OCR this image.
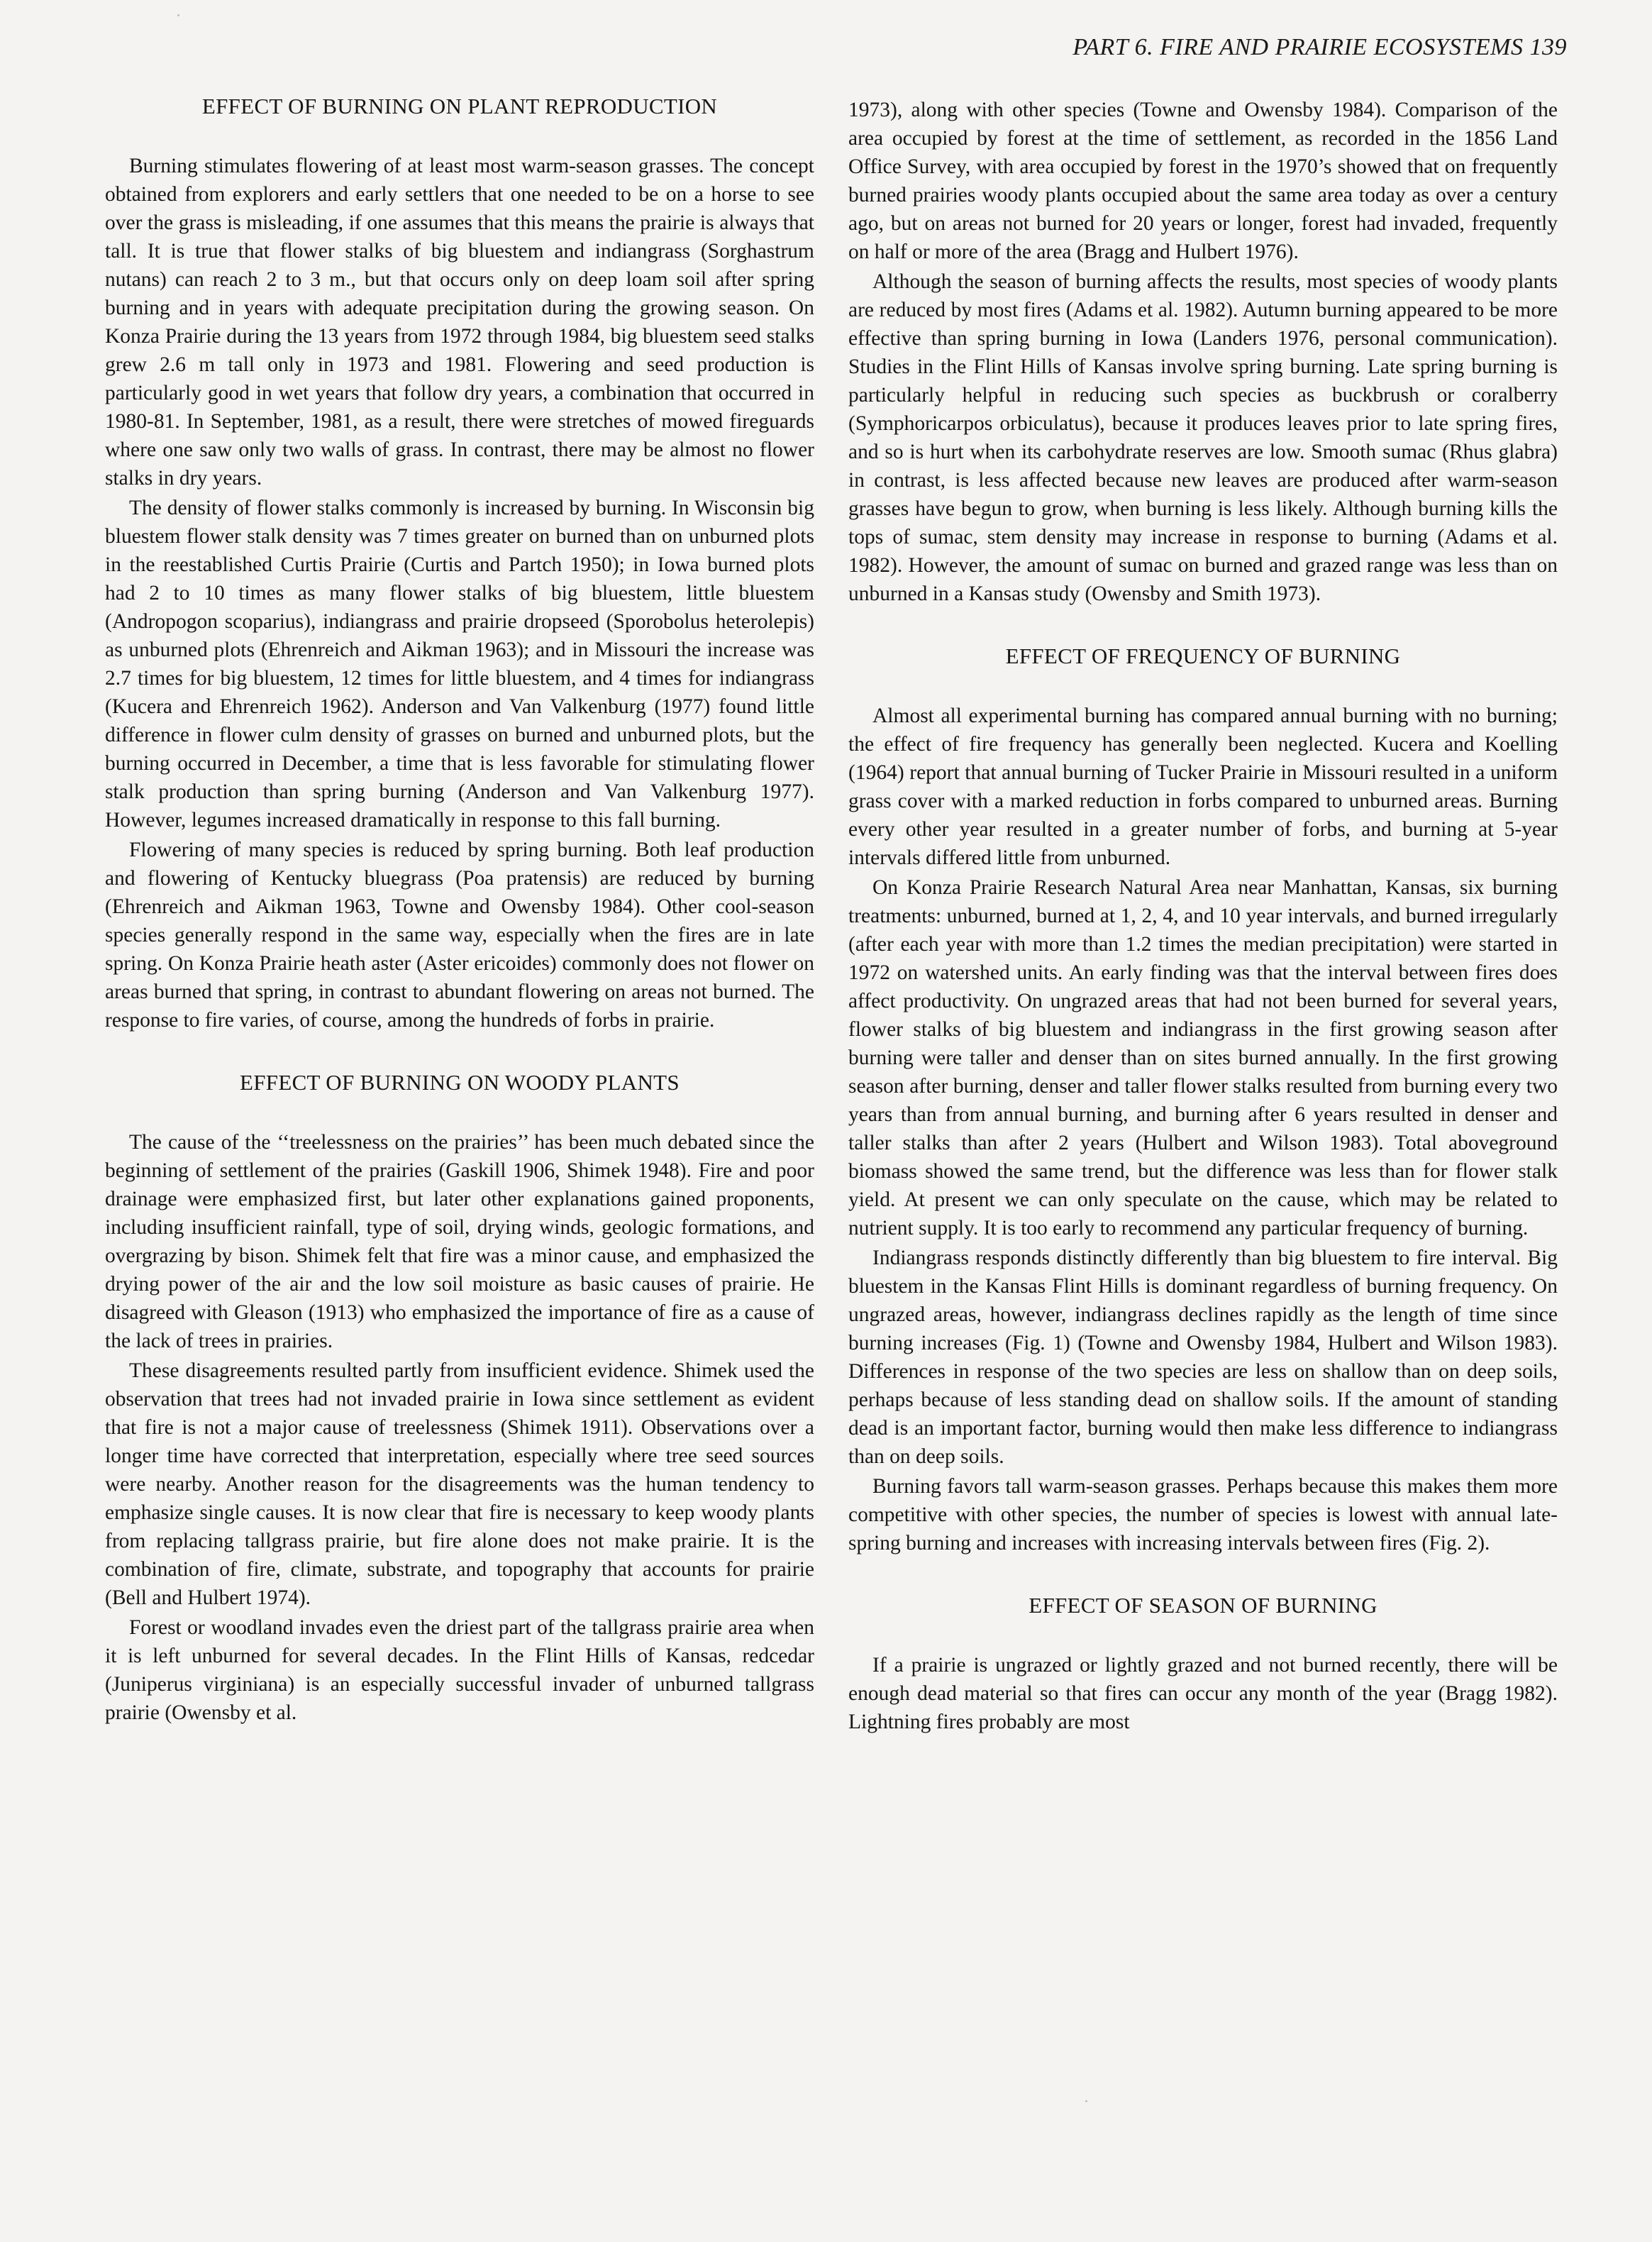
PART 6. FIRE AND PRAIRIE ECOSYSTEMS 139
EFFECT OF BURNING ON PLANT REPRODUCTION

Burning stimulates flowering of at least most warm-season grasses. The concept obtained from explorers and early settlers that one needed to be on a horse to see over the grass is misleading, if one assumes that this means the prairie is always that tall. It is true that flower stalks of big bluestem and indiangrass (Sorghastrum nutans) can reach 2 to 3 m., but that occurs only on deep loam soil after spring burning and in years with adequate precipitation during the growing season. On Konza Prairie during the 13 years from 1972 through 1984, big bluestem seed stalks grew 2.6 m tall only in 1973 and 1981. Flowering and seed production is particularly good in wet years that follow dry years, a combination that occurred in 1980-81. In September, 1981, as a result, there were stretches of mowed fireguards where one saw only two walls of grass. In contrast, there may be almost no flower stalks in dry years.

The density of flower stalks commonly is increased by burning. In Wisconsin big bluestem flower stalk density was 7 times greater on burned than on unburned plots in the reestablished Curtis Prairie (Curtis and Partch 1950); in Iowa burned plots had 2 to 10 times as many flower stalks of big bluestem, little bluestem (Andropogon scoparius), indiangrass and prairie dropseed (Sporobolus heterolepis) as unburned plots (Ehrenreich and Aikman 1963); and in Missouri the increase was 2.7 times for big bluestem, 12 times for little bluestem, and 4 times for indiangrass (Kucera and Ehrenreich 1962). Anderson and Van Valkenburg (1977) found little difference in flower culm density of grasses on burned and unburned plots, but the burning occurred in December, a time that is less favorable for stimulating flower stalk production than spring burning (Anderson and Van Valkenburg 1977). However, legumes increased dramatically in response to this fall burning.

Flowering of many species is reduced by spring burning. Both leaf production and flowering of Kentucky bluegrass (Poa pratensis) are reduced by burning (Ehrenreich and Aikman 1963, Towne and Owensby 1984). Other cool-season species generally respond in the same way, especially when the fires are in late spring. On Konza Prairie heath aster (Aster ericoides) commonly does not flower on areas burned that spring, in contrast to abundant flowering on areas not burned. The response to fire varies, of course, among the hundreds of forbs in prairie.

EFFECT OF BURNING ON WOODY PLANTS

The cause of the ‘‘treelessness on the prairies’’ has been much debated since the beginning of settlement of the prairies (Gaskill 1906, Shimek 1948). Fire and poor drainage were emphasized first, but later other explanations gained proponents, including insufficient rainfall, type of soil, drying winds, geologic formations, and overgrazing by bison. Shimek felt that fire was a minor cause, and emphasized the drying power of the air and the low soil moisture as basic causes of prairie. He disagreed with Gleason (1913) who emphasized the importance of fire as a cause of the lack of trees in prairies.

These disagreements resulted partly from insufficient evidence. Shimek used the observation that trees had not invaded prairie in Iowa since settlement as evident that fire is not a major cause of treelessness (Shimek 1911). Observations over a longer time have corrected that interpretation, especially where tree seed sources were nearby. Another reason for the disagreements was the human tendency to emphasize single causes. It is now clear that fire is necessary to keep woody plants from replacing tallgrass prairie, but fire alone does not make prairie. It is the combination of fire, climate, substrate, and topography that accounts for prairie (Bell and Hulbert 1974).

Forest or woodland invades even the driest part of the tallgrass prairie area when it is left unburned for several decades. In the Flint Hills of Kansas, redcedar (Juniperus virginiana) is an especially successful invader of unburned tallgrass prairie (Owensby et al.

1973), along with other species (Towne and Owensby 1984). Comparison of the area occupied by forest at the time of settlement, as recorded in the 1856 Land Office Survey, with area occupied by forest in the 1970’s showed that on frequently burned prairies woody plants occupied about the same area today as over a century ago, but on areas not burned for 20 years or longer, forest had invaded, frequently on half or more of the area (Bragg and Hulbert 1976).

Although the season of burning affects the results, most species of woody plants are reduced by most fires (Adams et al. 1982). Autumn burning appeared to be more effective than spring burning in Iowa (Landers 1976, personal communication). Studies in the Flint Hills of Kansas involve spring burning. Late spring burning is particularly helpful in reducing such species as buckbrush or coralberry (Symphoricarpos orbiculatus), because it produces leaves prior to late spring fires, and so is hurt when its carbohydrate reserves are low. Smooth sumac (Rhus glabra) in contrast, is less affected because new leaves are produced after warm-season grasses have begun to grow, when burning is less likely. Although burning kills the tops of sumac, stem density may increase in response to burning (Adams et al. 1982). However, the amount of sumac on burned and grazed range was less than on unburned in a Kansas study (Owensby and Smith 1973).

EFFECT OF FREQUENCY OF BURNING

Almost all experimental burning has compared annual burning with no burning; the effect of fire frequency has generally been neglected. Kucera and Koelling (1964) report that annual burning of Tucker Prairie in Missouri resulted in a uniform grass cover with a marked reduction in forbs compared to unburned areas. Burning every other year resulted in a greater number of forbs, and burning at 5-year intervals differed little from unburned.

On Konza Prairie Research Natural Area near Manhattan, Kansas, six burning treatments: unburned, burned at 1, 2, 4, and 10 year intervals, and burned irregularly (after each year with more than 1.2 times the median precipitation) were started in 1972 on watershed units. An early finding was that the interval between fires does affect productivity. On ungrazed areas that had not been burned for several years, flower stalks of big bluestem and indiangrass in the first growing season after burning were taller and denser than on sites burned annually. In the first growing season after burning, denser and taller flower stalks resulted from burning every two years than from annual burning, and burning after 6 years resulted in denser and taller stalks than after 2 years (Hulbert and Wilson 1983). Total aboveground biomass showed the same trend, but the difference was less than for flower stalk yield. At present we can only speculate on the cause, which may be related to nutrient supply. It is too early to recommend any particular frequency of burning.

Indiangrass responds distinctly differently than big bluestem to fire interval. Big bluestem in the Kansas Flint Hills is dominant regardless of burning frequency. On ungrazed areas, however, indiangrass declines rapidly as the length of time since burning increases (Fig. 1) (Towne and Owensby 1984, Hulbert and Wilson 1983). Differences in response of the two species are less on shallow than on deep soils, perhaps because of less standing dead on shallow soils. If the amount of standing dead is an important factor, burning would then make less difference to indiangrass than on deep soils.

Burning favors tall warm-season grasses. Perhaps because this makes them more competitive with other species, the number of species is lowest with annual late-spring burning and increases with increasing intervals between fires (Fig. 2).

EFFECT OF SEASON OF BURNING

If a prairie is ungrazed or lightly grazed and not burned recently, there will be enough dead material so that fires can occur any month of the year (Bragg 1982). Lightning fires probably are most
